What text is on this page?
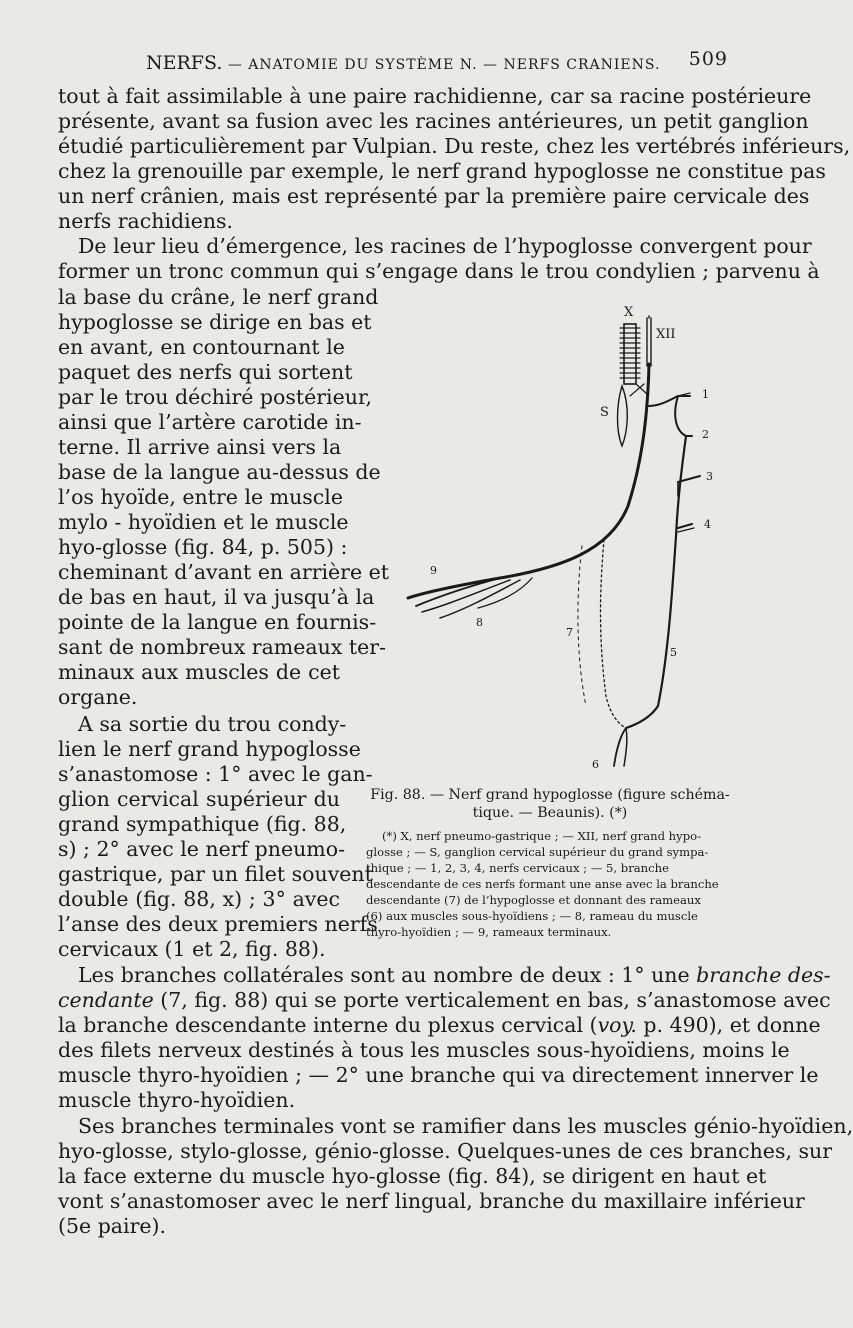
NERFS. — ANATOMIE DU SYSTÈME N. — NERFS CRANIENS. 509
tout à fait assimilable à une paire rachidienne, car sa racine postérieure
présente, avant sa fusion avec les racines antérieures, un petit ganglion
étudié particulièrement par Vulpian. Du reste, chez les vertébrés inférieurs,
chez la grenouille par exemple, le nerf grand hypoglosse ne constitue pas
un nerf crânien, mais est représenté par la première paire cervicale des
nerfs rachidiens.
De leur lieu d’émergence, les racines de l’hypoglosse convergent pour
former un tronc commun qui s’engage dans le trou condylien ; parvenu à
la base du crâne, le nerf grand
hypoglosse se dirige en bas et
en avant, en contournant le
paquet des nerfs qui sortent
par le trou déchiré postérieur,
ainsi que l’artère carotide in-
terne. Il arrive ainsi vers la
base de la langue au-dessus de
l’os hyoïde, entre le muscle
mylo - hyoïdien et le muscle
hyo-glosse (fig. 84, p. 505) :
cheminant d’avant en arrière et
de bas en haut, il va jusqu’à la
pointe de la langue en fournis-
sant de nombreux rameaux ter-
minaux aux muscles de cet
organe.
A sa sortie du trou condy-
lien le nerf grand hypoglosse
s’anastomose : 1° avec le gan-
glion cervical supérieur du
grand sympathique (fig. 88,
s) ; 2° avec le nerf pneumo-
gastrique, par un filet souvent
double (fig. 88, x) ; 3° avec
l’anse des deux premiers nerfs
cervicaux (1 et 2, fig. 88).
Les branches collatérales sont au nombre de deux : 1° une branche des-
cendante (7, fig. 88) qui se porte verticalement en bas, s’anastomose avec
la branche descendante interne du plexus cervical (voy. p. 490), et donne
des filets nerveux destinés à tous les muscles sous-hyoïdiens, moins le
muscle thyro-hyoïdien ; — 2° une branche qui va directement innerver le
muscle thyro-hyoïdien.
Ses branches terminales vont se ramifier dans les muscles génio-hyoïdien,
hyo-glosse, stylo-glosse, génio-glosse. Quelques-unes de ces branches, sur
la face externe du muscle hyo-glosse (fig. 84), se dirigent en haut et
vont s’anastomoser avec le nerf lingual, branche du maxillaire inférieur
(5e paire).
X
XII
S
1
2
3
4
5
6
7
8
9
Fig. 88. — Nerf grand hypoglosse (figure schéma-
tique. — Beaunis). (*)
(*) X, nerf pneumo-gastrique ; — XII, nerf grand hypo-
glosse ; — S, ganglion cervical supérieur du grand sympa-
thique ; — 1, 2, 3, 4, nerfs cervicaux ; — 5, branche
descendante de ces nerfs formant une anse avec la branche
descendante (7) de l’hypoglosse et donnant des rameaux
(6) aux muscles sous-hyoïdiens ; — 8, rameau du muscle
thyro-hyoïdien ; — 9, rameaux terminaux.
